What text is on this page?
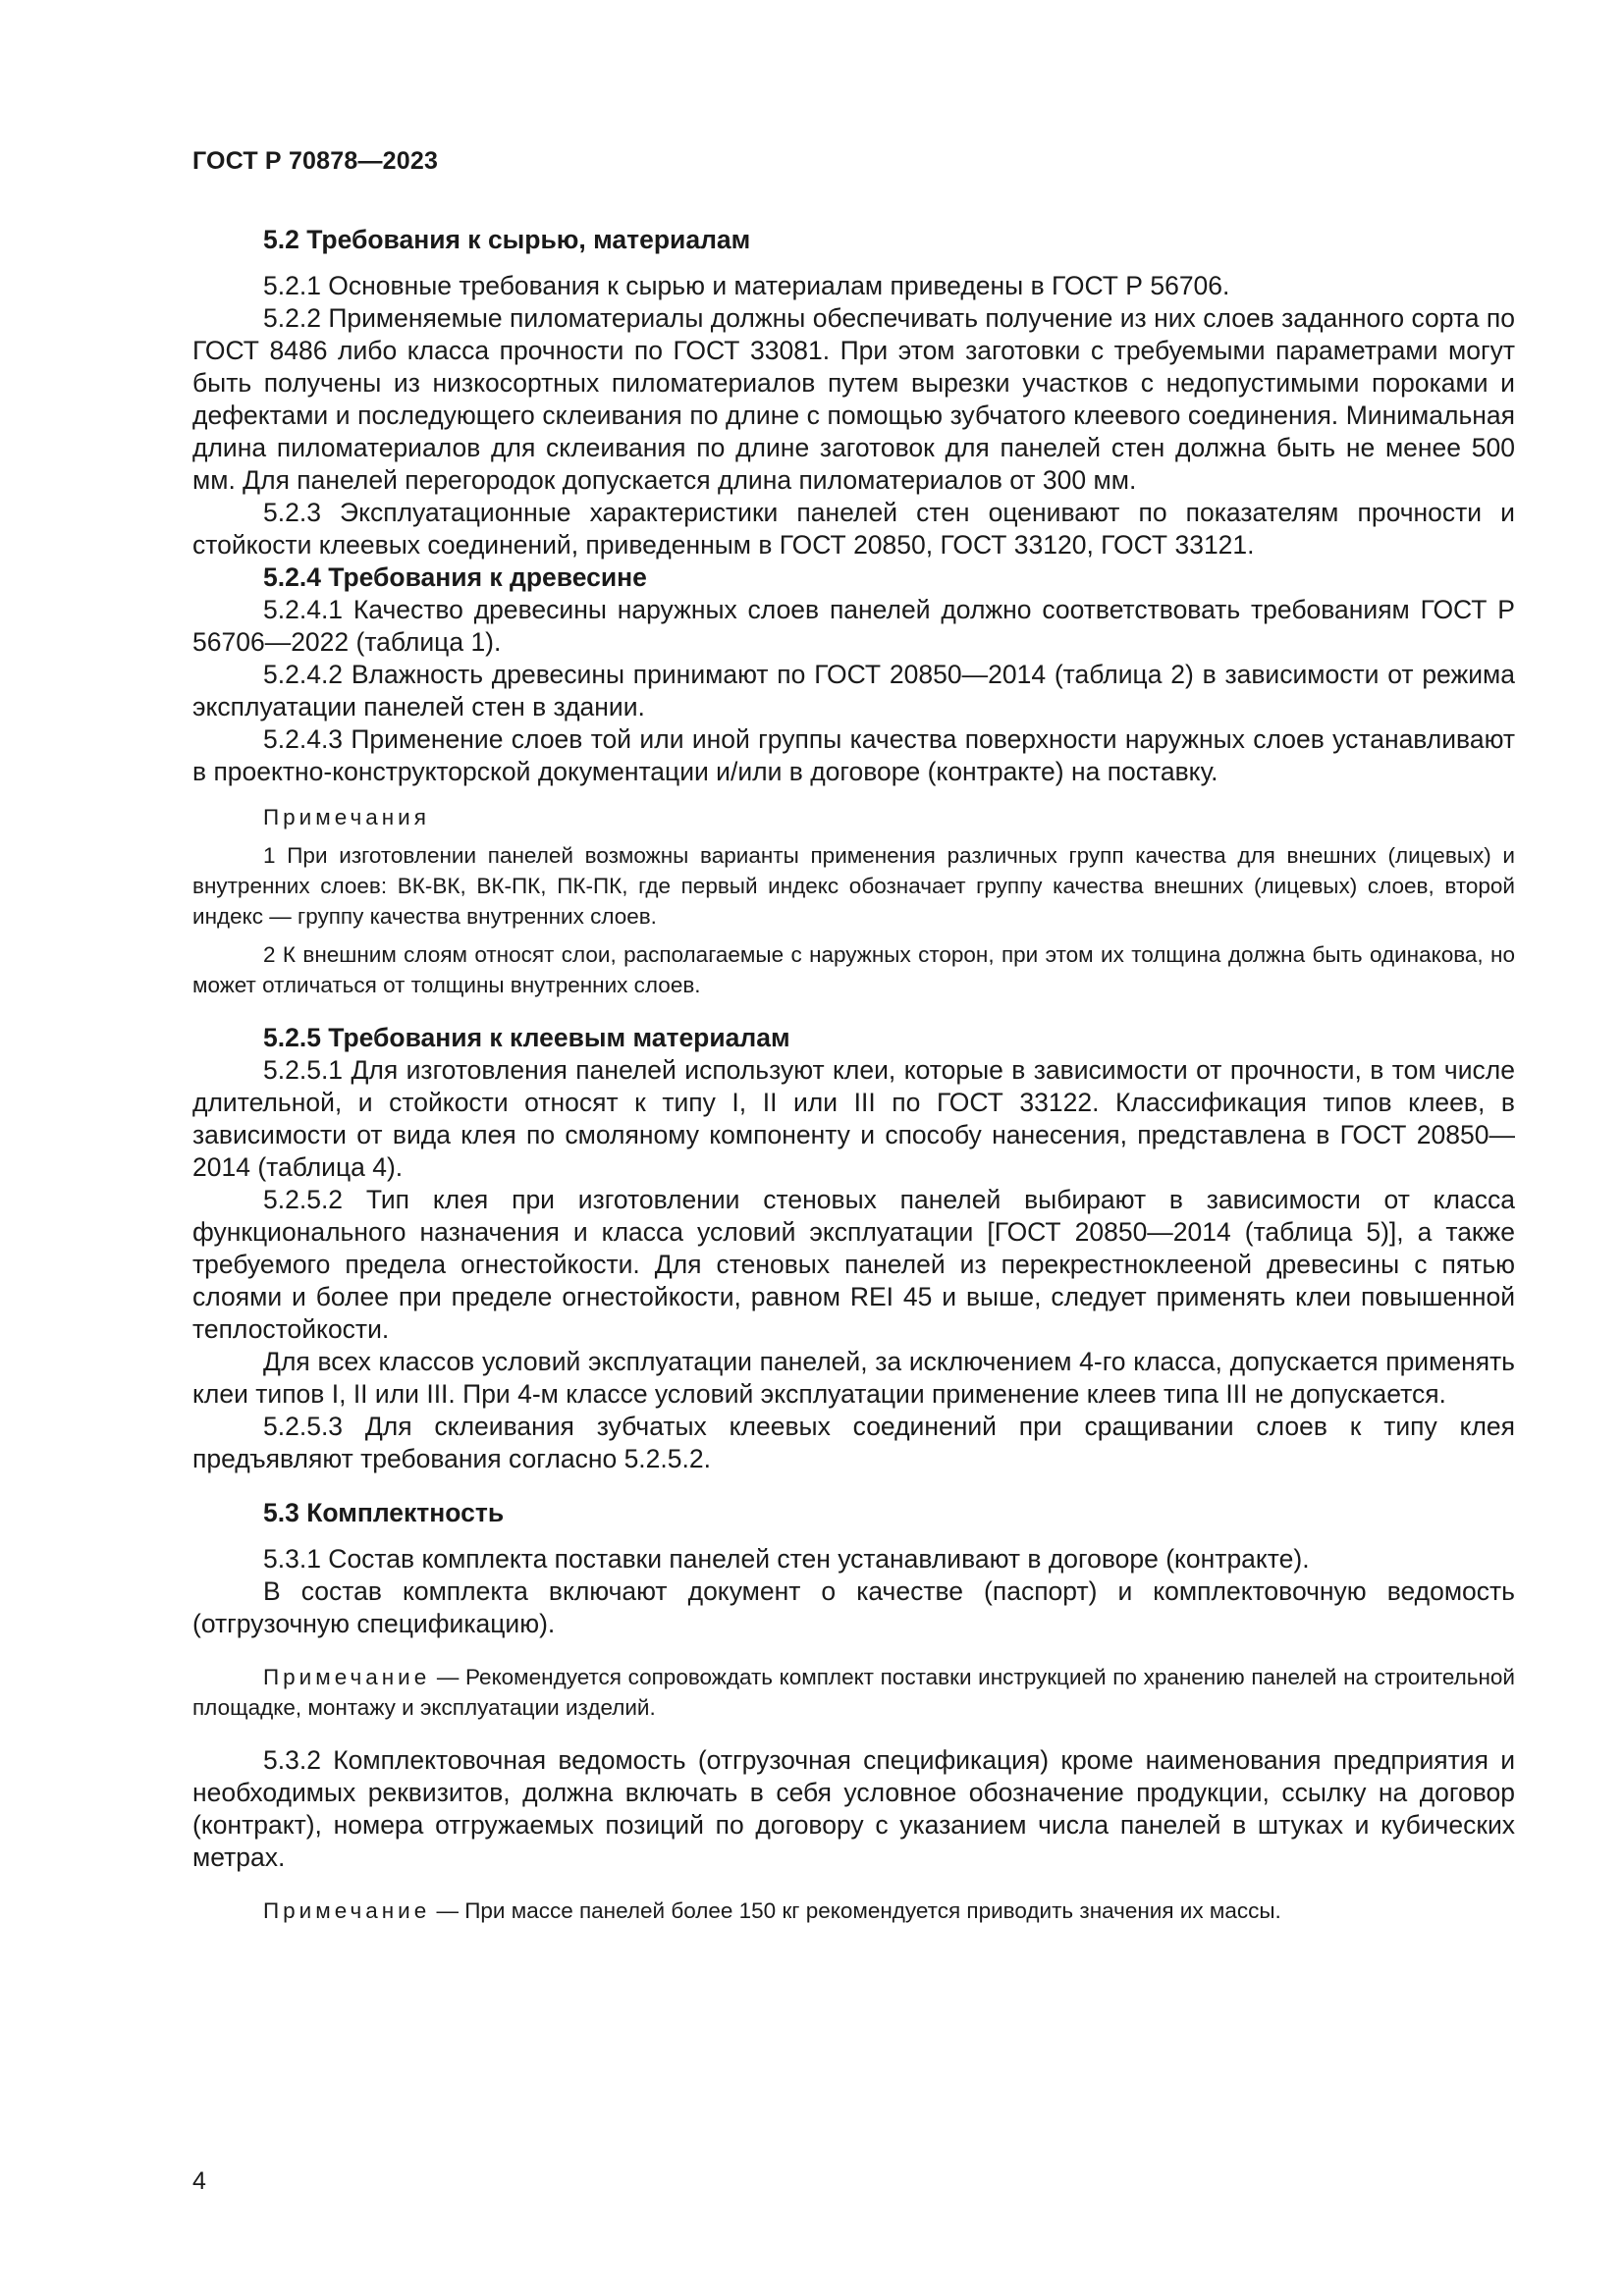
ГОСТ Р 70878—2023

5.2 Требования к сырью, материалам

5.2.1 Основные требования к сырью и материалам приведены в ГОСТ Р 56706.

5.2.2 Применяемые пиломатериалы должны обеспечивать получение из них слоев заданного сорта по ГОСТ 8486 либо класса прочности по ГОСТ 33081. При этом заготовки с требуемыми параметрами могут быть получены из низкосортных пиломатериалов путем вырезки участков с недопустимыми пороками и дефектами и последующего склеивания по длине с помощью зубчатого клеевого соединения. Минимальная длина пиломатериалов для склеивания по длине заготовок для панелей стен должна быть не менее 500 мм. Для панелей перегородок допускается длина пиломатериалов от 300 мм.

5.2.3 Эксплуатационные характеристики панелей стен оценивают по показателям прочности и стойкости клеевых соединений, приведенным в ГОСТ 20850, ГОСТ 33120, ГОСТ 33121.

5.2.4 Требования к древесине

5.2.4.1 Качество древесины наружных слоев панелей должно соответствовать требованиям ГОСТ Р 56706—2022 (таблица 1).

5.2.4.2 Влажность древесины принимают по ГОСТ 20850—2014 (таблица 2) в зависимости от режима эксплуатации панелей стен в здании.

5.2.4.3 Применение слоев той или иной группы качества поверхности наружных слоев устанавливают в проектно-конструкторской документации и/или в договоре (контракте) на поставку.

Примечания

1 При изготовлении панелей возможны варианты применения различных групп качества для внешних (лицевых) и внутренних слоев: ВК-ВК, ВК-ПК, ПК-ПК, где первый индекс обозначает группу качества внешних (лицевых) слоев, второй индекс — группу качества внутренних слоев.

2 К внешним слоям относят слои, располагаемые с наружных сторон, при этом их толщина должна быть одинакова, но может отличаться от толщины внутренних слоев.

5.2.5 Требования к клеевым материалам

5.2.5.1 Для изготовления панелей используют клеи, которые в зависимости от прочности, в том числе длительной, и стойкости относят к типу I, II или III по ГОСТ 33122. Классификация типов клеев, в зависимости от вида клея по смоляному компоненту и способу нанесения, представлена в ГОСТ 20850—2014 (таблица 4).

5.2.5.2 Тип клея при изготовлении стеновых панелей выбирают в зависимости от класса функционального назначения и класса условий эксплуатации [ГОСТ 20850—2014 (таблица 5)], а также требуемого предела огнестойкости. Для стеновых панелей из перекрестноклееной древесины с пятью слоями и более при пределе огнестойкости, равном REI 45 и выше, следует применять клеи повышенной теплостойкости.

Для всех классов условий эксплуатации панелей, за исключением 4-го класса, допускается применять клеи типов I, II или III. При 4-м классе условий эксплуатации применение клеев типа III не допускается.

5.2.5.3 Для склеивания зубчатых клеевых соединений при сращивании слоев к типу клея предъявляют требования согласно 5.2.5.2.

5.3 Комплектность

5.3.1 Состав комплекта поставки панелей стен устанавливают в договоре (контракте).

В состав комплекта включают документ о качестве (паспорт) и комплектовочную ведомость (отгрузочную спецификацию).

Примечание — Рекомендуется сопровождать комплект поставки инструкцией по хранению панелей на строительной площадке, монтажу и эксплуатации изделий.

5.3.2 Комплектовочная ведомость (отгрузочная спецификация) кроме наименования предприятия и необходимых реквизитов, должна включать в себя условное обозначение продукции, ссылку на договор (контракт), номера отгружаемых позиций по договору с указанием числа панелей в штуках и кубических метрах.

Примечание — При массе панелей более 150 кг рекомендуется приводить значения их массы.

4
